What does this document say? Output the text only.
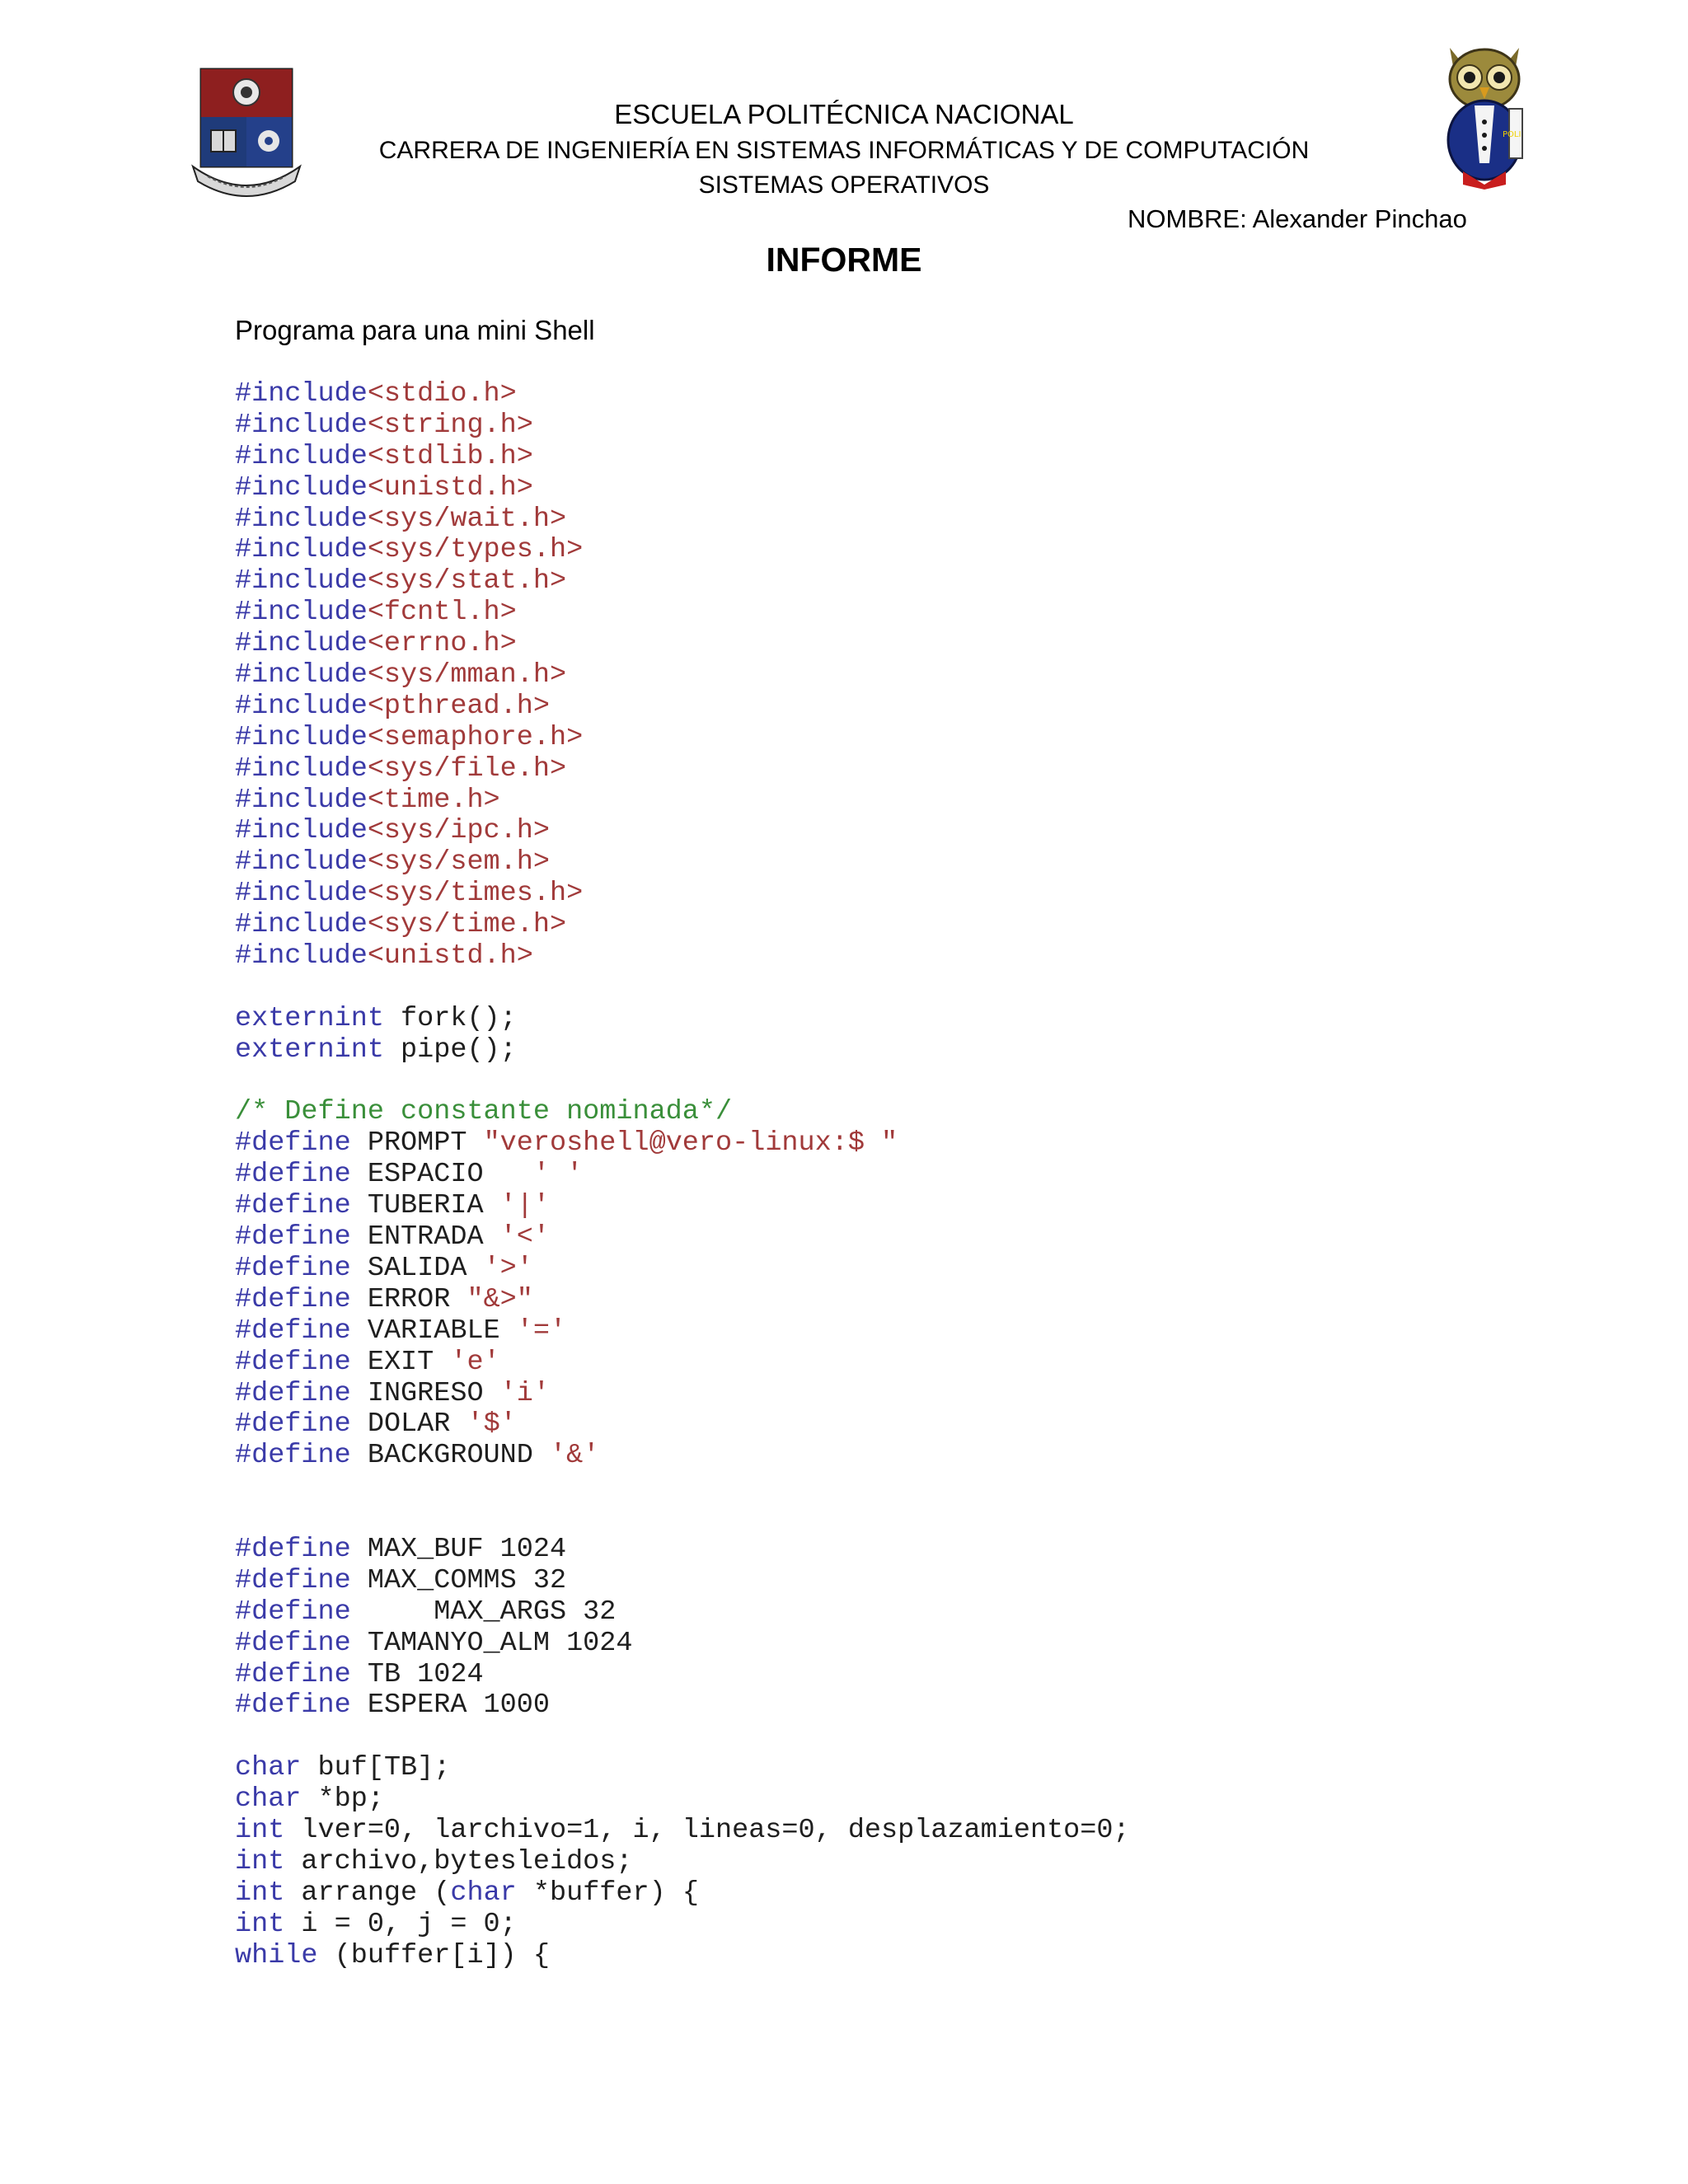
POLI
ESCUELA POLITÉCNICA NACIONAL
CARRERA DE INGENIERÍA EN SISTEMAS INFORMÁTICAS Y DE COMPUTACIÓN
SISTEMAS OPERATIVOS
NOMBRE: Alexander Pinchao
INFORME
Programa para una mini Shell
#include<stdio.h>
#include<string.h>
#include<stdlib.h>
#include<unistd.h>
#include<sys/wait.h>
#include<sys/types.h>
#include<sys/stat.h>
#include<fcntl.h>
#include<errno.h>
#include<sys/mman.h>
#include<pthread.h>
#include<semaphore.h>
#include<sys/file.h>
#include<time.h>
#include<sys/ipc.h>
#include<sys/sem.h>
#include<sys/times.h>
#include<sys/time.h>
#include<unistd.h>

externint fork();
externint pipe();

/* Define constante nominada*/
#define PROMPT "veroshell@vero-linux:$ "
#define ESPACIO   ' '
#define TUBERIA '|'
#define ENTRADA '<'
#define SALIDA '>'
#define ERROR "&>"
#define VARIABLE '='
#define EXIT 'e'
#define INGRESO 'i'
#define DOLAR '$'
#define BACKGROUND '&'

#define MAX_BUF 1024
#define MAX_COMMS 32
#define     MAX_ARGS 32
#define TAMANYO_ALM 1024
#define TB 1024
#define ESPERA 1000

char buf[TB];
char *bp;
int lver=0, larchivo=1, i, lineas=0, desplazamiento=0;
int archivo,bytesleidos;
int arrange (char *buffer) {
int i = 0, j = 0;
while (buffer[i]) {
